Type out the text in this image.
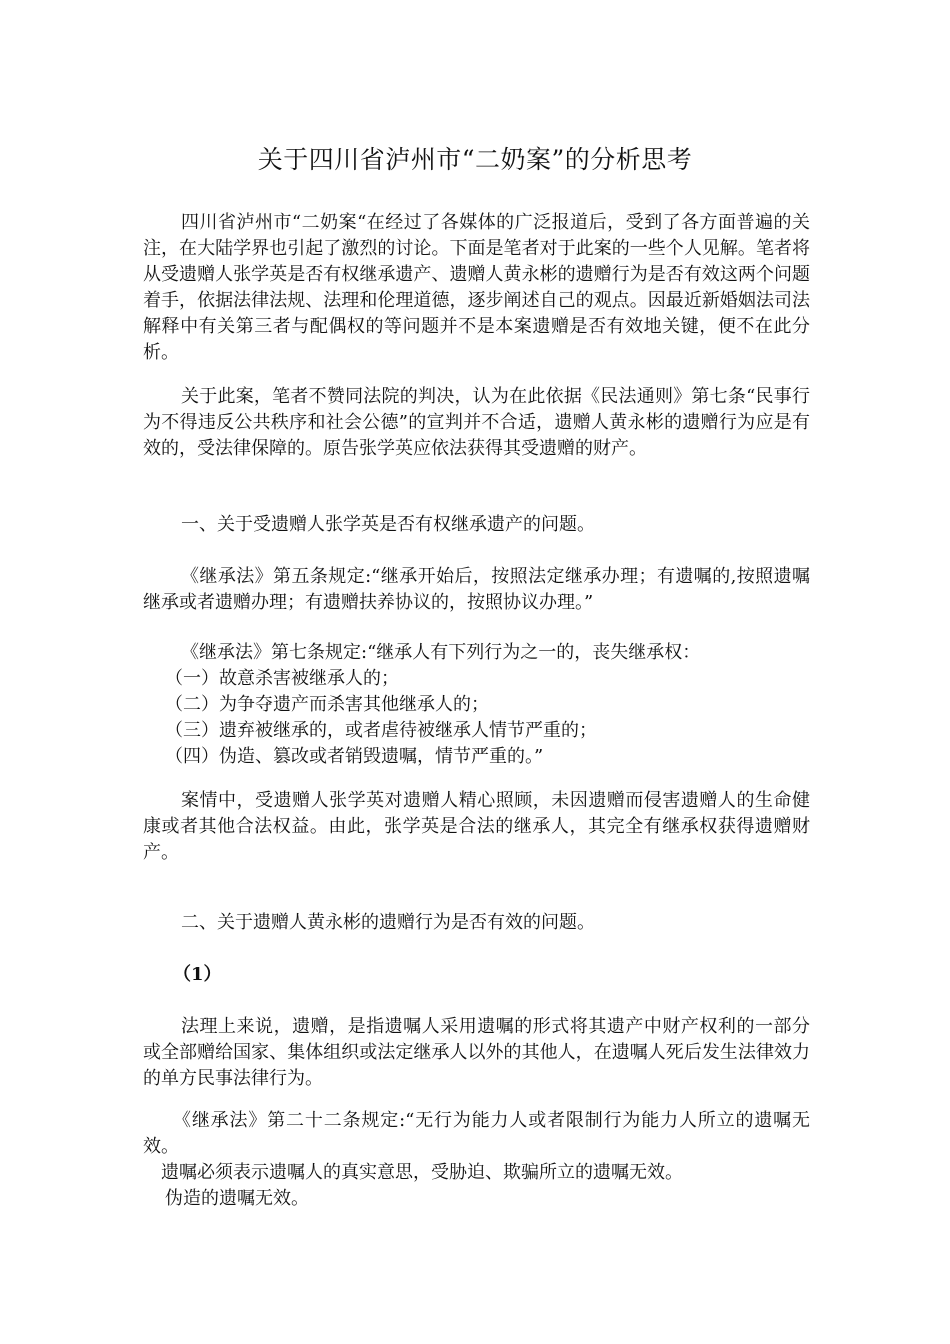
关于四川省泸州市“二奶案”的分析思考

四川省泸州市“二奶案“在经过了各媒体的广泛报道后，受到了各方面普遍的关注，在大陆学界也引起了激烈的讨论。下面是笔者对于此案的一些个人见解。笔者将从受遗赠人张学英是否有权继承遗产、遗赠人黄永彬的遗赠行为是否有效这两个问题着手，依据法律法规、法理和伦理道德，逐步阐述自己的观点。因最近新婚姻法司法解释中有关第三者与配偶权的等问题并不是本案遗赠是否有效地关键，便不在此分析。

关于此案，笔者不赞同法院的判决，认为在此依据《民法通则》第七条“民事行为不得违反公共秩序和社会公德”的宣判并不合适，遗赠人黄永彬的遗赠行为应是有效的，受法律保障的。原告张学英应依法获得其受遗赠的财产。

一、关于受遗赠人张学英是否有权继承遗产的问题。

《继承法》第五条规定:“继承开始后，按照法定继承办理；有遗嘱的,按照遗嘱继承或者遗赠办理；有遗赠扶养协议的，按照协议办理。”

《继承法》第七条规定:“继承人有下列行为之一的，丧失继承权：
（一）故意杀害被继承人的；
（二）为争夺遗产而杀害其他继承人的；
（三）遗弃被继承的，或者虐待被继承人情节严重的；
（四）伪造、篡改或者销毁遗嘱，情节严重的。”

案情中，受遗赠人张学英对遗赠人精心照顾，未因遗赠而侵害遗赠人的生命健康或者其他合法权益。由此，张学英是合法的继承人，其完全有继承权获得遗赠财产。

二、关于遗赠人黄永彬的遗赠行为是否有效的问题。

（1）

法理上来说，遗赠，是指遗嘱人采用遗嘱的形式将其遗产中财产权利的一部分或全部赠给国家、集体组织或法定继承人以外的其他人，在遗嘱人死后发生法律效力的单方民事法律行为。

《继承法》第二十二条规定:“无行为能力人或者限制行为能力人所立的遗嘱无效。
遗嘱必须表示遗嘱人的真实意思，受胁迫、欺骗所立的遗嘱无效。
伪造的遗嘱无效。
